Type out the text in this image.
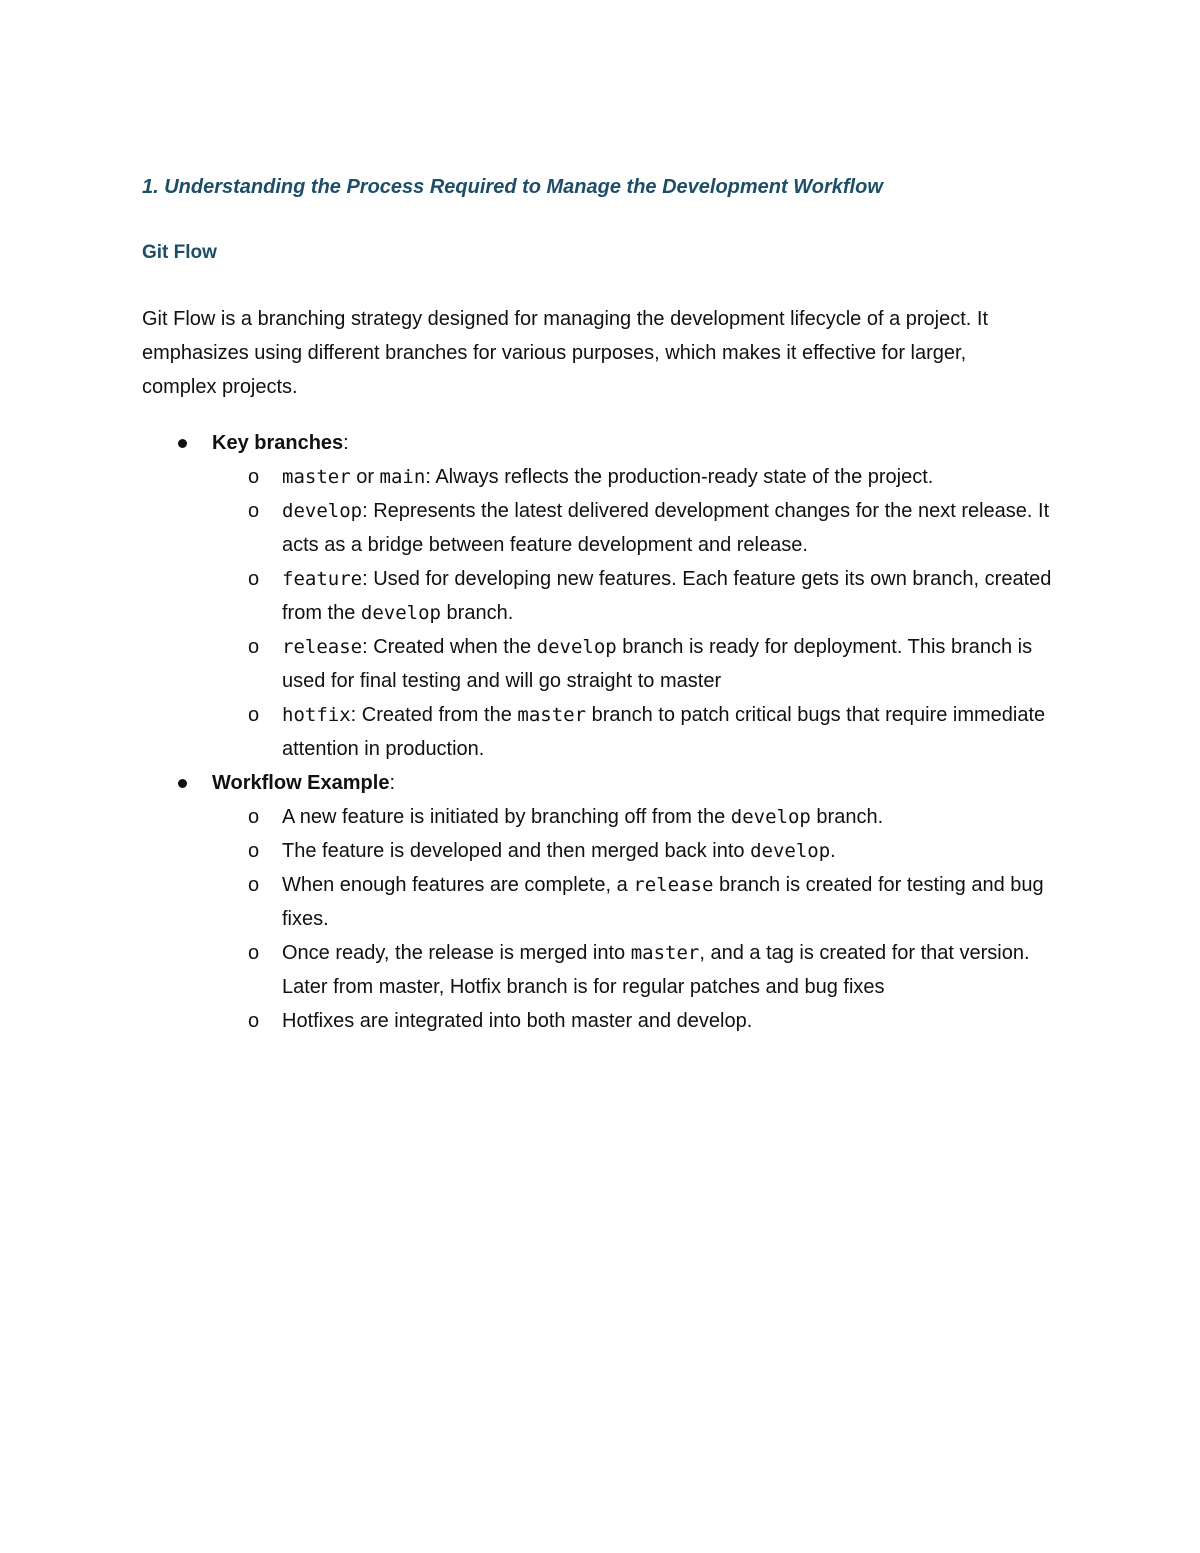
1. Understanding the Process Required to Manage the Development Workflow
Git Flow

Git Flow is a branching strategy designed for managing the development lifecycle of a project. It emphasizes using different branches for various purposes, which makes it effective for larger, complex projects.

Key branches:
o master or main: Always reflects the production-ready state of the project.
o develop: Represents the latest delivered development changes for the next release. It acts as a bridge between feature development and release.
o feature: Used for developing new features. Each feature gets its own branch, created from the develop branch.
o release: Created when the develop branch is ready for deployment. This branch is used for final testing and will go straight to master
o hotfix: Created from the master branch to patch critical bugs that require immediate attention in production.
Workflow Example:
o A new feature is initiated by branching off from the develop branch.
o The feature is developed and then merged back into develop.
o When enough features are complete, a release branch is created for testing and bug fixes.
o Once ready, the release is merged into master, and a tag is created for that version. Later from master, Hotfix branch is for regular patches and bug fixes
o Hotfixes are integrated into both master and develop.
